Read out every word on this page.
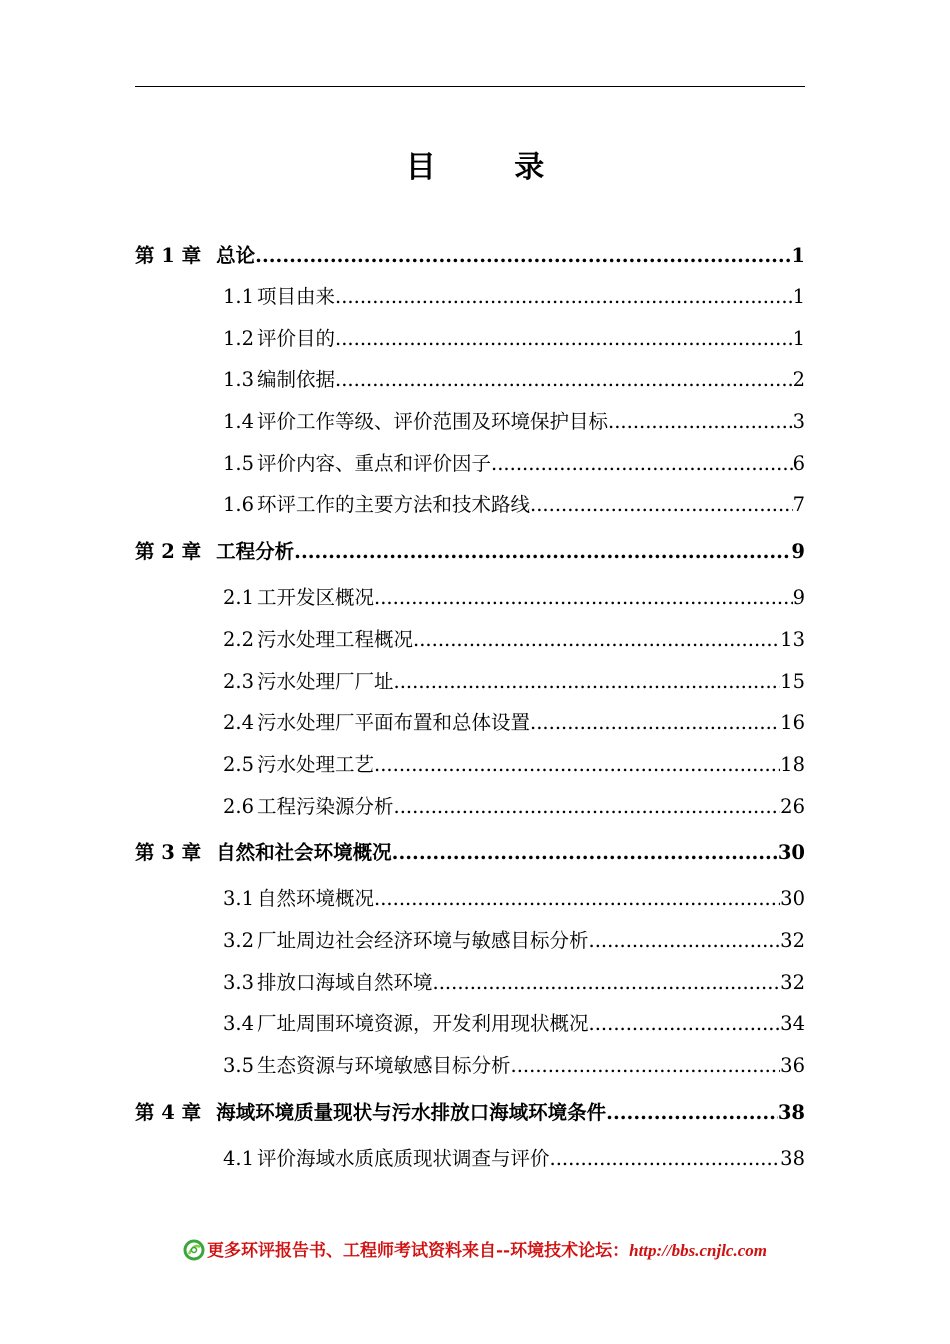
目 录
第 1 章 总论 .....	1
1.1 项目由来 .....	1
1.2 评价目的 .....	1
1.3 编制依据 .....	2
1.4 评价工作等级、评价范围及环境保护目标 .....	3
1.5 评价内容、重点和评价因子 .....	6
1.6 环评工作的主要方法和技术路线 .....	7
第 2 章 工程分析 .....	9
2.1 工开发区概况 .....	9
2.2 污水处理工程概况 .....	13
2.3 污水处理厂厂址 .....	15
2.4 污水处理厂平面布置和总体设置 .....	16
2.5 污水处理工艺 .....	18
2.6 工程污染源分析 .....	26
第 3 章 自然和社会环境概况 .....	30
3.1 自然环境概况 .....	30
3.2 厂址周边社会经济环境与敏感目标分析 .....	32
3.3 排放口海域自然环境 .....	32
3.4 厂址周围环境资源，开发利用现状概况 .....	34
3.5 生态资源与环境敏感目标分析 .....	36
第 4 章 海域环境质量现状与污水排放口海域环境条件 .....	38
4.1 评价海域水质底质现状调查与评价 .....	38
更多环评报告书、工程师考试资料来自--环境技术论坛：http://bbs.cnjlc.com
